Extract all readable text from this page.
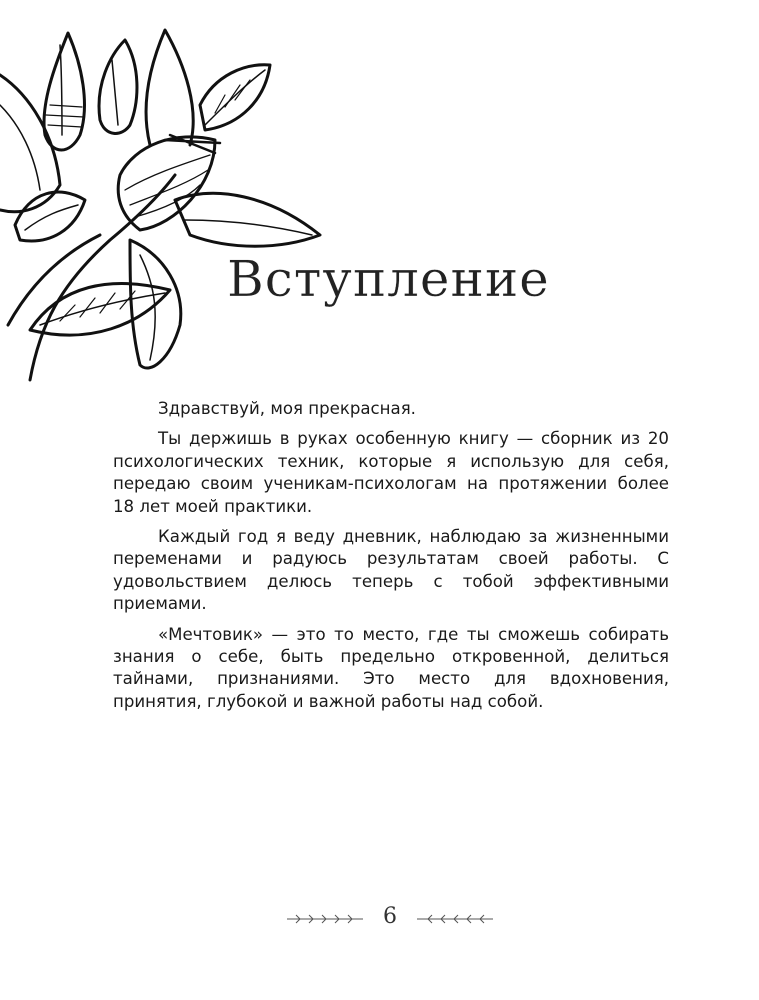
Вступление

Здравствуй, моя прекрасная.

Ты держишь в руках особенную книгу — сборник из 20 психологических техник, которые я использую для себя, передаю своим ученикам-психологам на протяжении более 18 лет моей практики.

Каждый год я веду дневник, наблюдаю за жизненными переменами и радуюсь результатам своей работы. С удовольствием делюсь теперь с тобой эффективными приемами.

«Мечтовик» — это то место, где ты сможешь собирать знания о себе, быть предельно откровенной, делиться тайнами, признаниями. Это место для вдохновения, принятия, глубокой и важной работы над собой.

6
